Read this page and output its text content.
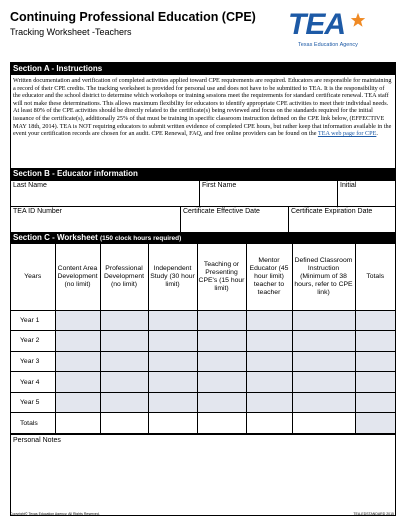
Continuing Professional Education (CPE)
Tracking Worksheet -Teachers	TEA
Texas Education Agency
Section A - Instructions
Written documentation and verification of completed activities applied toward CPE requirements are required. Educators are responsible for maintaining a record of their CPE credits. The tracking worksheet is provided for personal use and does not have to be submitted to TEA. It is the responsibility of the educator and the school district to determine which workshops or training sessions meet the requirements for standard certificate renewal. TEA staff will not make these determinations. This allows maximum flexibility for educators to identify appropriate CPE activities to meet their individual needs. At least 80% of the CPE activities should be directly related to the certificate(s) being reviewed and focus on the standards required for the initial issuance of the certificate(s), additionally 25% of that must be training in specific classroom instruction defined on the CPE link below, (EFFECTIVE MAY 18th, 2014). TEA is NOT requiring educators to submit written evidence of completed CPE hours, but rather keep that information available in the event your certification records are chosen for an audit. CPE Renewal, FAQ, and free online providers can be found on the TEA web page for CPE.
Section B - Educator information
Last Name	First Name	Initial
TEA ID Number	Certificate Effective Date	Certificate Expiration Date
Section C - Worksheet (150 clock hours required)
Years	Content Area Development (no limit)	Professional Development (no limit)	Independent Study (30 hour limit)	Teaching or Presenting CPE's (15 hour limit)	Mentor Educator (45 hour limit) teacher to teacher	Defined Classroom Instruction (Minimum of 38 hours, refer to CPE link)	Totals
Year 1							
Year 2							
Year 3							
Year 4							
Year 5							
Totals							
Personal Notes
Copyright© Texas Education Agency. All Rights Reserved.	TEA-EDSTANDARD 2015
